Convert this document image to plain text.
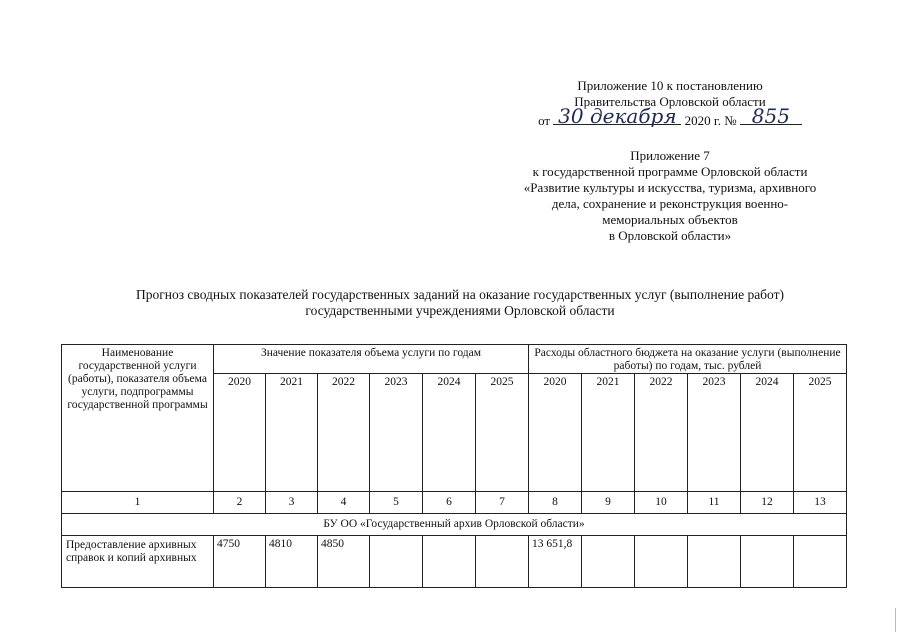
Приложение 10 к постановлению
Правительства Орловской области
от 30 декабря 2020 г. № 855
Приложение 7
к государственной программе Орловской области
«Развитие культуры и искусства, туризма, архивного
дела, сохранение и реконструкция военно-
мемориальных объектов
в Орловской области»
Прогноз сводных показателей государственных заданий на оказание государственных услуг (выполнение работ)
государственными учреждениями Орловской области
Наименование государственной услуги (работы), показателя объема услуги, подпрограммы государственной программы	Значение показателя объема услуги по годам						Расходы областного бюджета на оказание услуги (выполнение работы) по годам, тыс. рублей					
	2020	2021	2022	2023	2024	2025	2020	2021	2022	2023	2024	2025
1	2	3	4	5	6	7	8	9	10	11	12	13
БУ ОО «Государственный архив Орловской области»												
Предоставление архивных справок и копий архивных	4750	4810	4850				13 651,8					
